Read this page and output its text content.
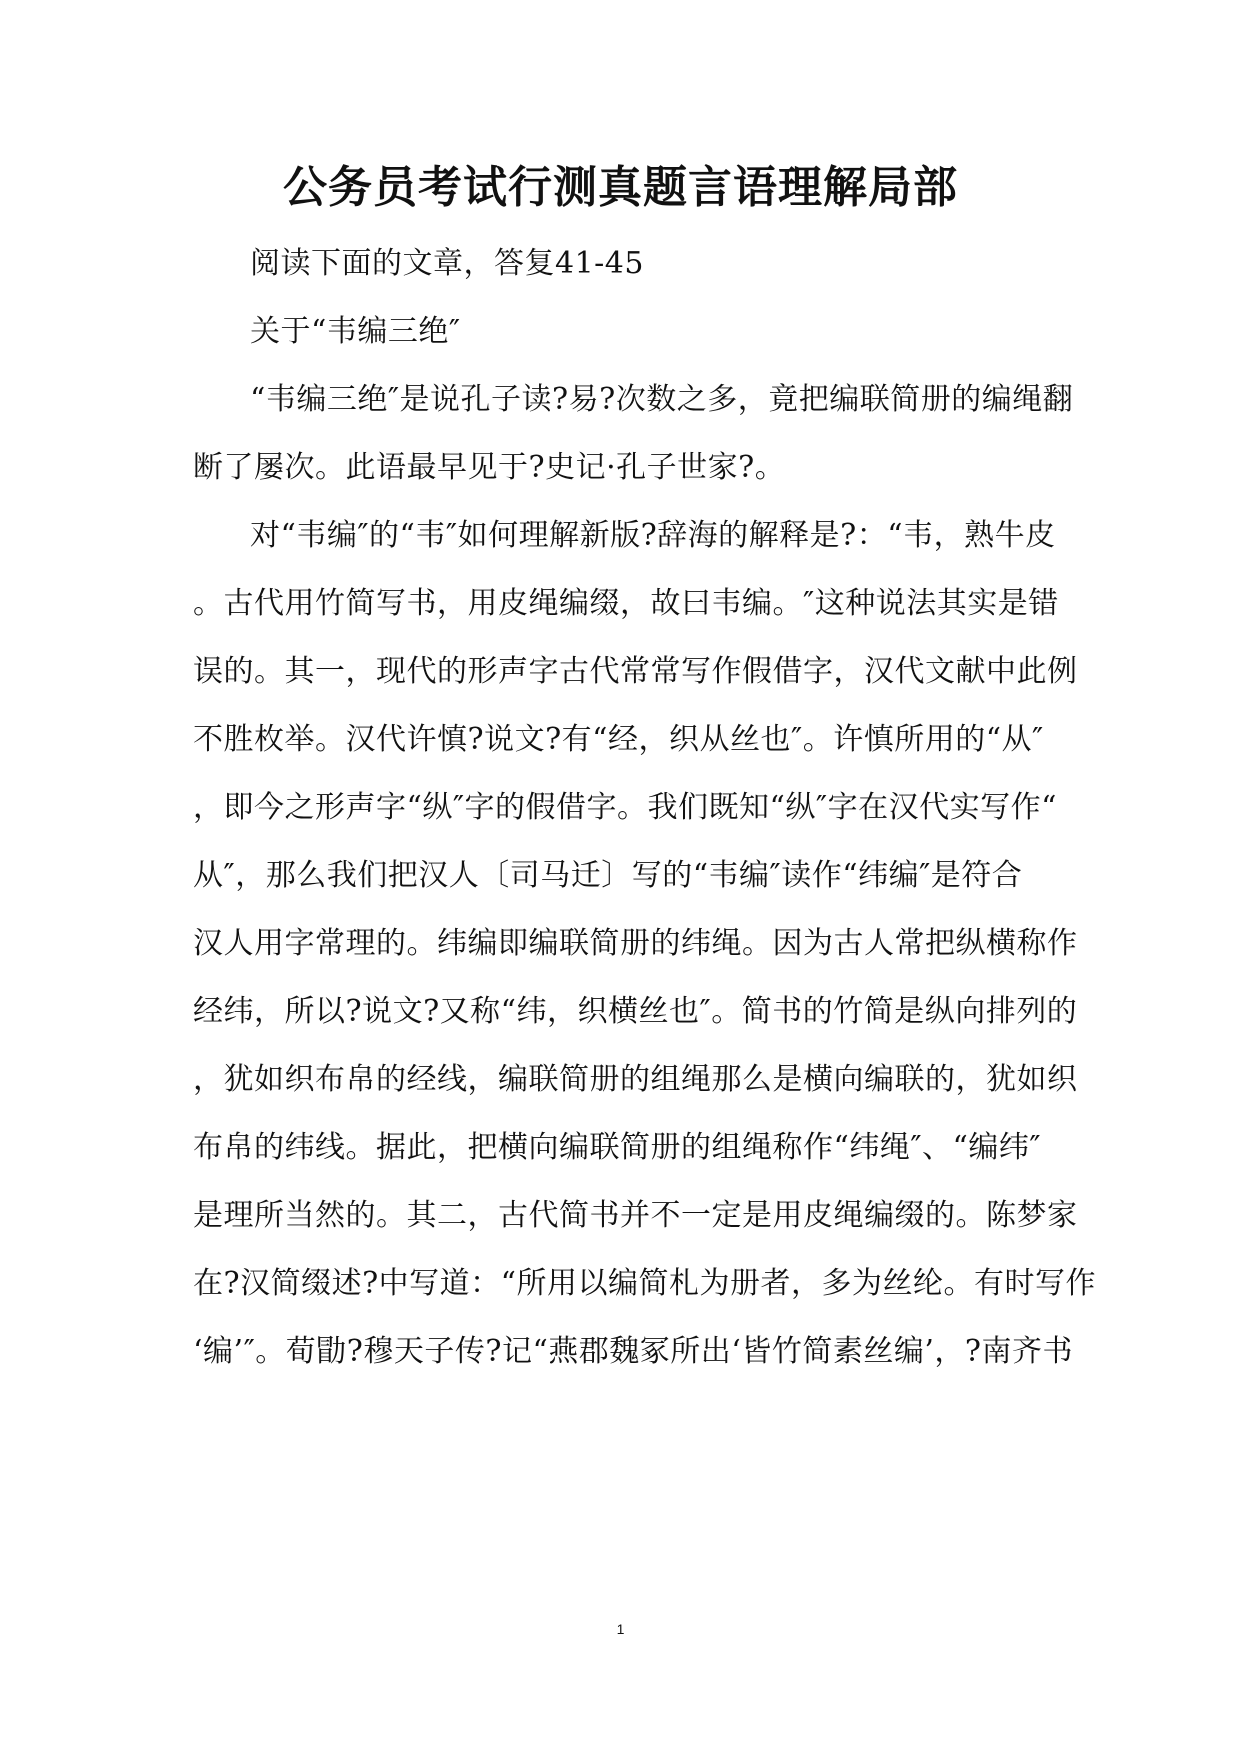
公务员考试行测真题言语理解局部
阅读下面的文章，答复41-45
关于“韦编三绝″
“韦编三绝″是说孔子读?易?次数之多，竟把编联简册的编绳翻
断了屡次。此语最早见于?史记·孔子世家?。
对“韦编″的“韦″如何理解新版?辞海的解释是?：“韦，熟牛皮
。古代用竹简写书，用皮绳编缀，故曰韦编。″这种说法其实是错
误的。其一，现代的形声字古代常常写作假借字，汉代文献中此例
不胜枚举。汉代许慎?说文?有“经，织从丝也″。许慎所用的“从″
，即今之形声字“纵″字的假借字。我们既知“纵″字在汉代实写作“
从″，那么我们把汉人〔司马迁〕写的“韦编″读作“纬编″是符合
汉人用字常理的。纬编即编联简册的纬绳。因为古人常把纵横称作
经纬，所以?说文?又称“纬，织横丝也″。简书的竹简是纵向排列的
，犹如织布帛的经线，编联简册的组绳那么是横向编联的，犹如织
布帛的纬线。据此，把横向编联简册的组绳称作“纬绳″、“编纬″
是理所当然的。其二，古代简书并不一定是用皮绳编缀的。陈梦家
在?汉简缀述?中写道：“所用以编简札为册者，多为丝纶。有时写作
‘编’″。荀勖?穆天子传?记“燕郡魏冢所出‘皆竹简素丝编’，?南齐书
1
